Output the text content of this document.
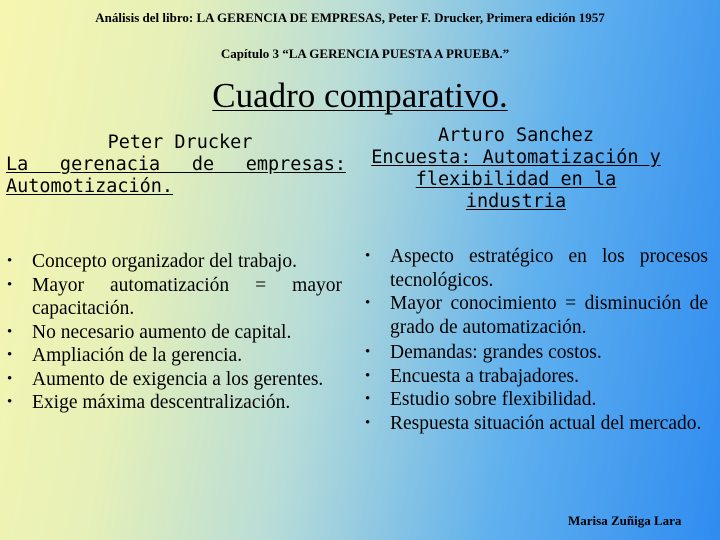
Análisis del libro: LA GERENCIA DE EMPRESAS, Peter F. Drucker, Primera edición 1957
Capítulo 3 “LA GERENCIA PUESTA A PRUEBA.”
Cuadro comparativo.
Peter Drucker
La gerenacia de empresas: Automotización.
Arturo Sanchez
Encuesta: Automatización y flexibilidad en la industria
• Concepto organizador del trabajo.
• Mayor automatización = mayor capacitación.
• No necesario aumento de capital.
• Ampliación de la gerencia.
• Aumento de exigencia a los gerentes.
• Exige máxima descentralización.
• Aspecto estratégico en los procesos tecnológicos.
• Mayor conocimiento = disminución de grado de automatización.
• Demandas: grandes costos.
• Encuesta a trabajadores.
• Estudio sobre flexibilidad.
• Respuesta situación actual del mercado.
Marisa Zuñiga Lara
